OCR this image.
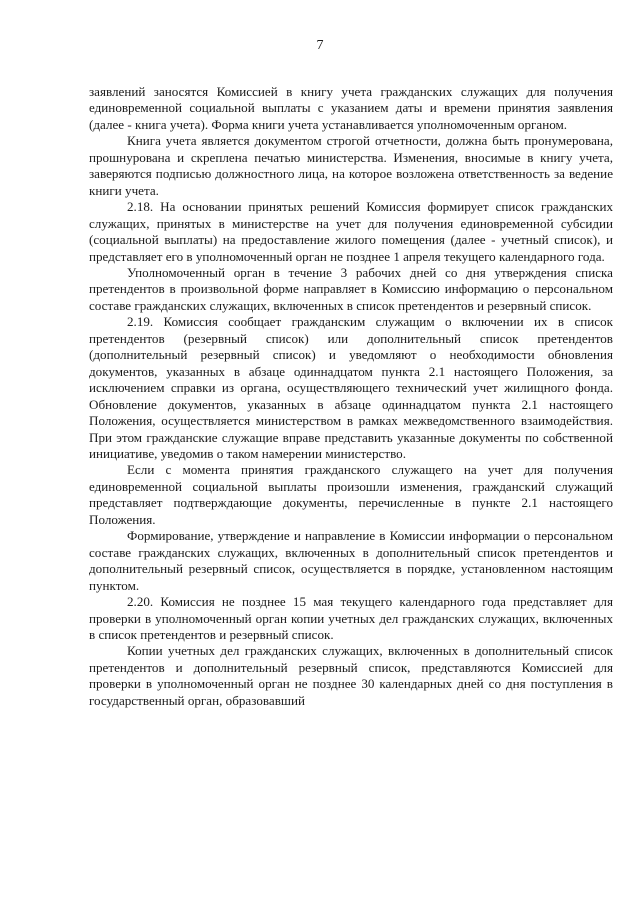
7

заявлений заносятся Комиссией в книгу учета гражданских служащих для получения единовременной социальной выплаты с указанием даты и времени принятия заявления (далее - книга учета). Форма книги учета устанавливается уполномоченным органом.

Книга учета является документом строгой отчетности, должна быть пронумерована, прошнурована и скреплена печатью министерства. Изменения, вносимые в книгу учета, заверяются подписью должностного лица, на которое возложена ответственность за ведение книги учета.

2.18. На основании принятых решений Комиссия формирует список гражданских служащих, принятых в министерстве на учет для получения единовременной субсидии (социальной выплаты) на предоставление жилого помещения (далее - учетный список), и представляет его в уполномоченный орган не позднее 1 апреля текущего календарного года.

Уполномоченный орган в течение 3 рабочих дней со дня утверждения списка претендентов в произвольной форме направляет в Комиссию информацию о персональном составе гражданских служащих, включенных в список претендентов и резервный список.

2.19. Комиссия сообщает гражданским служащим о включении их в список претендентов (резервный список) или дополнительный список претендентов (дополнительный резервный список) и уведомляют о необходимости обновления документов, указанных в абзаце одиннадцатом пункта 2.1 настоящего Положения, за исключением справки из органа, осуществляющего технический учет жилищного фонда. Обновление документов, указанных в абзаце одиннадцатом пункта 2.1 настоящего Положения, осуществляется министерством в рамках межведомственного взаимодействия. При этом гражданские служащие вправе представить указанные документы по собственной инициативе, уведомив о таком намерении министерство.

Если с момента принятия гражданского служащего на учет для получения единовременной социальной выплаты произошли изменения, гражданский служащий представляет подтверждающие документы, перечисленные в пункте 2.1 настоящего Положения.

Формирование, утверждение и направление в Комиссии информации о персональном составе гражданских служащих, включенных в дополнительный список претендентов и дополнительный резервный список, осуществляется в порядке, установленном настоящим пунктом.

2.20. Комиссия не позднее 15 мая текущего календарного года представляет для проверки в уполномоченный орган копии учетных дел гражданских служащих, включенных в список претендентов и резервный список.

Копии учетных дел гражданских служащих, включенных в дополнительный список претендентов и дополнительный резервный список, представляются Комиссией для проверки в уполномоченный орган не позднее 30 календарных дней со дня поступления в государственный орган, образовавший
